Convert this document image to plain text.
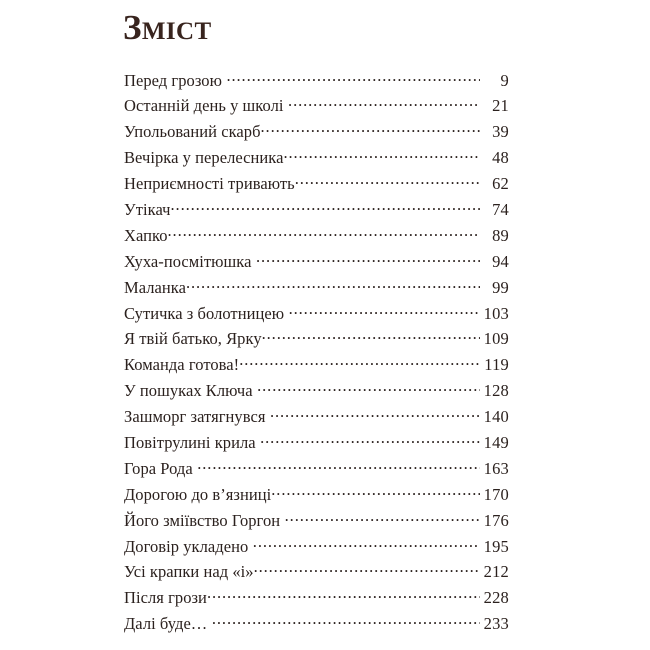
ЗМІСТ
Перед грозою .....	9
Останній день у школі .....	21
Упольований скарб .....	39
Вечірка у перелесника .....	48
Неприємності тривають .....	62
Утікач .....	74
Хапко .....	89
Хуха-посмітюшка .....	94
Маланка .....	99
Сутичка з болотницею .....	103
Я твій батько, Ярку .....	109
Команда готова! .....	119
У пошуках Ключа .....	128
Зашморг затягнувся .....	140
Повітрулині крила .....	149
Гора Рода .....	163
Дорогою до в’язниці .....	170
Його зміївство Горгон .....	176
Договір укладено .....	195
Усі крапки над «і» .....	212
Після грози .....	228
Далі буде… .....	233
